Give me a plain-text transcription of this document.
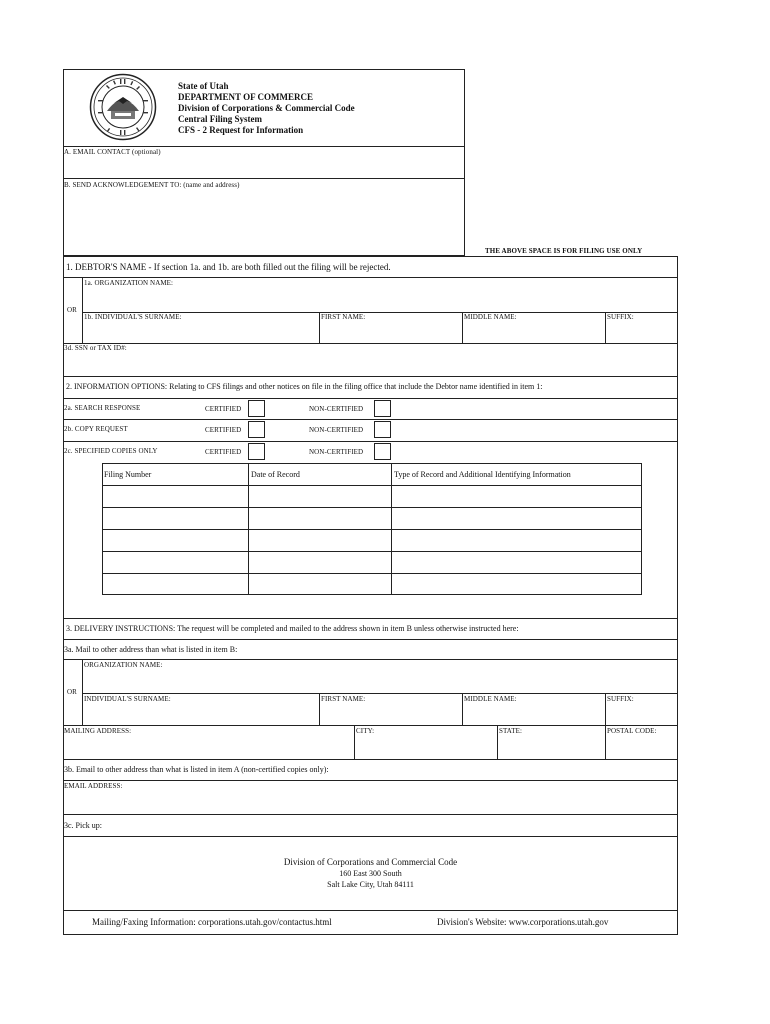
State of Utah
DEPARTMENT OF COMMERCE
Division of Corporations & Commercial Code
Central Filing System
CFS - 2 Request for Information
A. EMAIL CONTACT (optional)
B. SEND ACKNOWLEDGEMENT TO: (name and address)
THE ABOVE SPACE IS FOR FILING USE ONLY
1. DEBTOR'S NAME - If section 1a. and 1b. are both filled out the filing will be rejected.
1a. ORGANIZATION NAME:
OR
1b. INDIVIDUAL'S SURNAME:	FIRST NAME:	MIDDLE NAME:	SUFFIX:
3d. SSN or TAX ID#:
2. INFORMATION OPTIONS: Relating to CFS filings and other notices on file in the filing office that include the Debtor name identified in item 1:
2a. SEARCH RESPONSE	CERTIFIED	NON-CERTIFIED
2b. COPY REQUEST	CERTIFIED	NON-CERTIFIED
2c. SPECIFIED COPIES ONLY	CERTIFIED	NON-CERTIFIED
Filing Number	Date of Record	Type of Record and Additional Identifying Information
3. DELIVERY INSTRUCTIONS: The request will be completed and mailed to the address shown in item B unless otherwise instructed here:
3a. Mail to other address than what is listed in item B:
ORGANIZATION NAME:
OR
INDIVIDUAL'S SURNAME:	FIRST NAME:	MIDDLE NAME:	SUFFIX:
MAILING ADDRESS:	CITY:	STATE:	POSTAL CODE:
3b. Email to other address than what is listed in item A (non-certified copies only):
EMAIL ADDRESS:
3c. Pick up:
Division of Corporations and Commercial Code
160 East 300 South
Salt Lake City, Utah 84111
Mailing/Faxing Information: corporations.utah.gov/contactus.html	Division's Website: www.corporations.utah.gov
